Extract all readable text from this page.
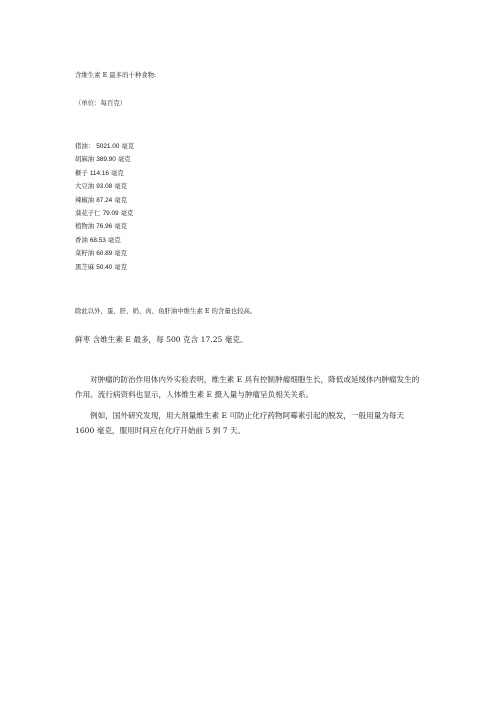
含维生素 E 最多的十种食物:
（单位：每百克）
猪油： 5021.00 毫克
胡麻油 389.90 毫克
榧子 114.16 毫克
大豆油 93.08 毫克
辣椒油 87.24 毫克
葵花子仁 79.09 毫克
植物油 76.96 毫克
香油 68.53 毫克
菜籽油 60.89 毫克
黑芝麻 50.40 毫克
除此以外，蛋、肝、奶、肉、鱼肝油中维生素 E 的含量也较高。
鲜枣 含维生素 E 最多，每 500 克含 17.25 毫克。

对肿瘤的防治作用体内外实验表明，维生素 E 具有控制肿瘤细胞生长，降低或延缓体内肿瘤发生的作用。流行病资料也显示，人体维生素 E 摄入量与肿瘤呈负相关关系。

例如，国外研究发现，用大剂量维生素 E 可防止化疗药物阿霉素引起的脱发，一般用量为每天 1600 毫克，服用时间应在化疗开始前 5 到 7 天。
